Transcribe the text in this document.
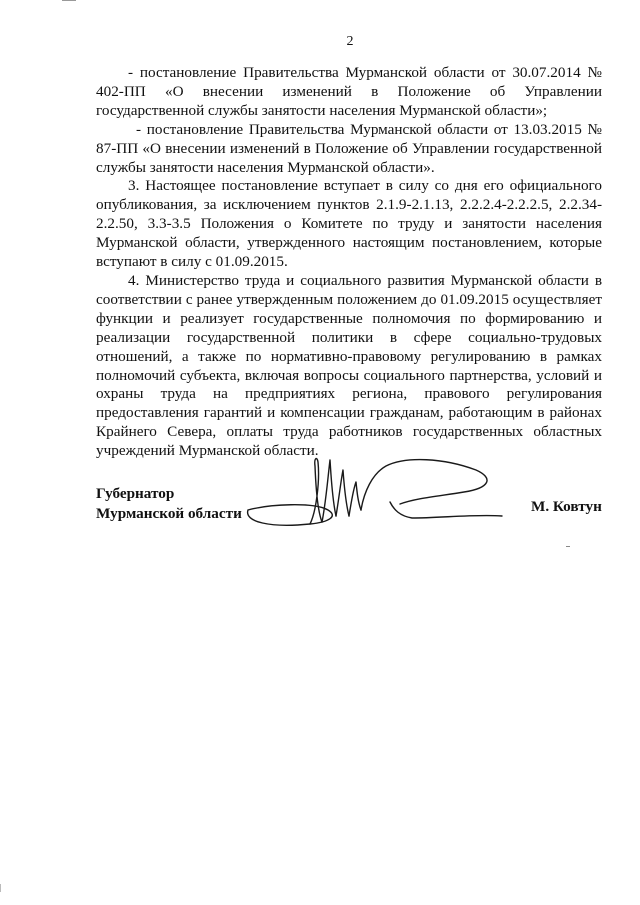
2

- постановление Правительства Мурманской области от 30.07.2014 № 402-ПП «О внесении изменений в Положение об Управлении государственной службы занятости населения Мурманской области»;

- постановление Правительства Мурманской области от 13.03.2015 № 87-ПП «О внесении изменений в Положение об Управлении государственной службы занятости населения Мурманской области».

3. Настоящее постановление вступает в силу со дня его официального опубликования, за исключением пунктов 2.1.9-2.1.13, 2.2.2.4-2.2.2.5, 2.2.34-2.2.50, 3.3-3.5 Положения о Комитете по труду и занятости населения Мурманской области, утвержденного настоящим постановлением, которые вступают в силу с 01.09.2015.

4. Министерство труда и социального развития Мурманской области в соответствии с ранее утвержденным положением до 01.09.2015 осуществляет функции и реализует государственные полномочия по формированию и реализации государственной политики в сфере социально-трудовых отношений, а также по нормативно-правовому регулированию в рамках полномочий субъекта, включая вопросы социального партнерства, условий и охраны труда на предприятиях региона, правового регулирования предоставления гарантий и компенсации гражданам, работающим в районах Крайнего Севера, оплаты труда работников государственных областных учреждений Мурманской области.

Губернатор
Мурманской области	М. Ковтун
